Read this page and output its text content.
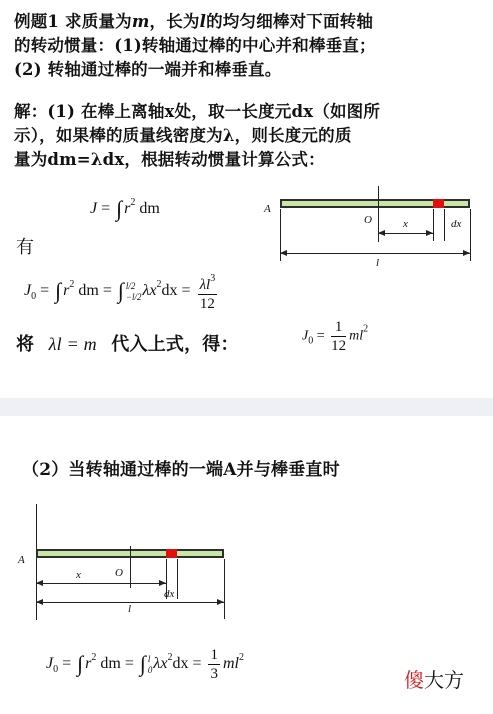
例题1 求质量为m，长为l的均匀细棒对下面转轴
的转动惯量：(1)转轴通过棒的中心并和棒垂直；
(2) 转轴通过棒的一端并和棒垂直。
解：(1) 在棒上离轴x处，取一长度元dx（如图所
示），如果棒的质量线密度为λ，则长度元的质
量为dm=λdx，根据转动惯量计算公式：
J = ∫ $r^2$ dm	A
O	x	dx
l
有
$J_0$ = ∫ $r^2$ dm = ∫ l/2
−l/2 $\lambda x^2dx = \frac{\lambda l^3}{12}$
将 λl = m 代入上式，得：	$J_0 = \frac{1}{12} ml^2$
（2）当转轴通过棒的一端A并与棒垂直时
A
O
x
dx
l
$J_0$ = ∫ $r^2$ dm = ∫ l
0 $\lambda x^2dx = \frac{1}{3} ml^2$
傻大方
